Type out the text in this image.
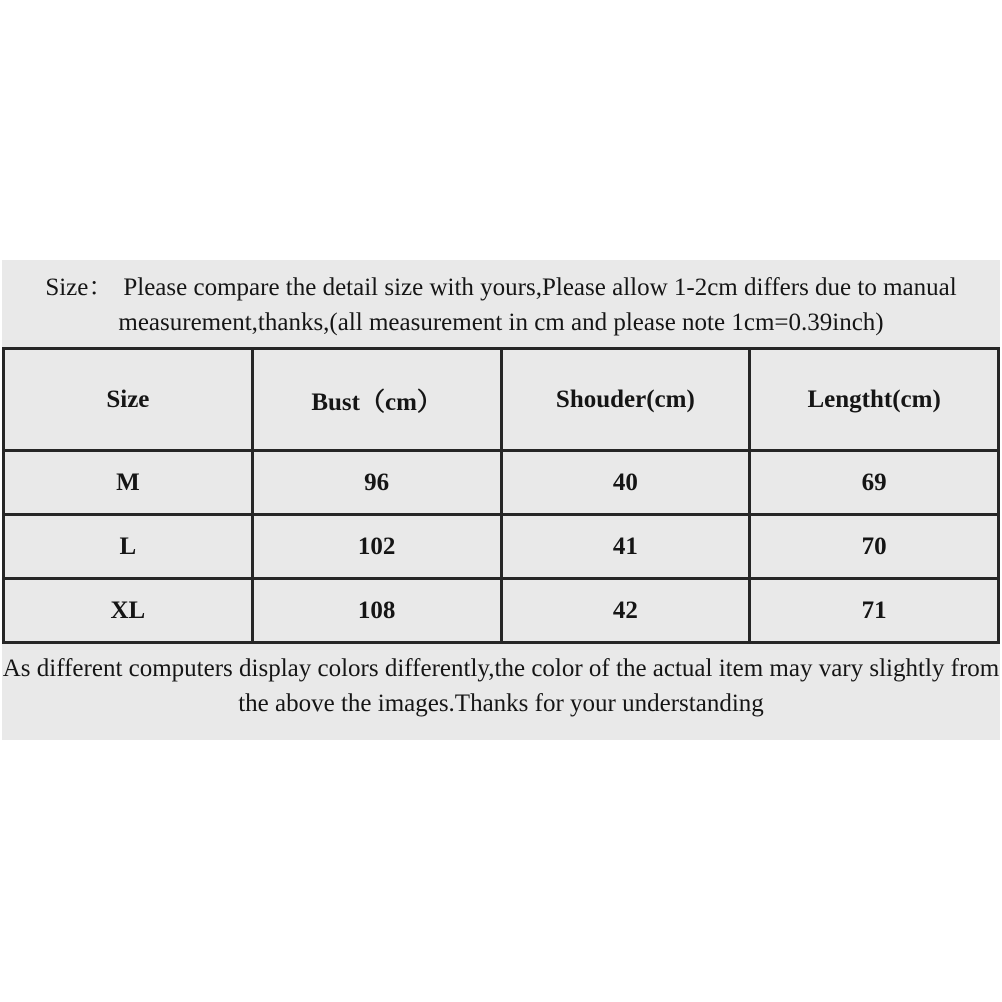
Size： Please compare the detail size with yours,Please allow 1-2cm differs due to manual

measurement,thanks,(all measurement in cm and please note 1cm=0.39inch)

Size	Bust（cm）	Shouder(cm)	Lengtht(cm)
M	96	40	69
L	102	41	70
XL	108	42	71

As different computers display colors differently,the color of the actual item may vary slightly from

the above the images.Thanks for your understanding
